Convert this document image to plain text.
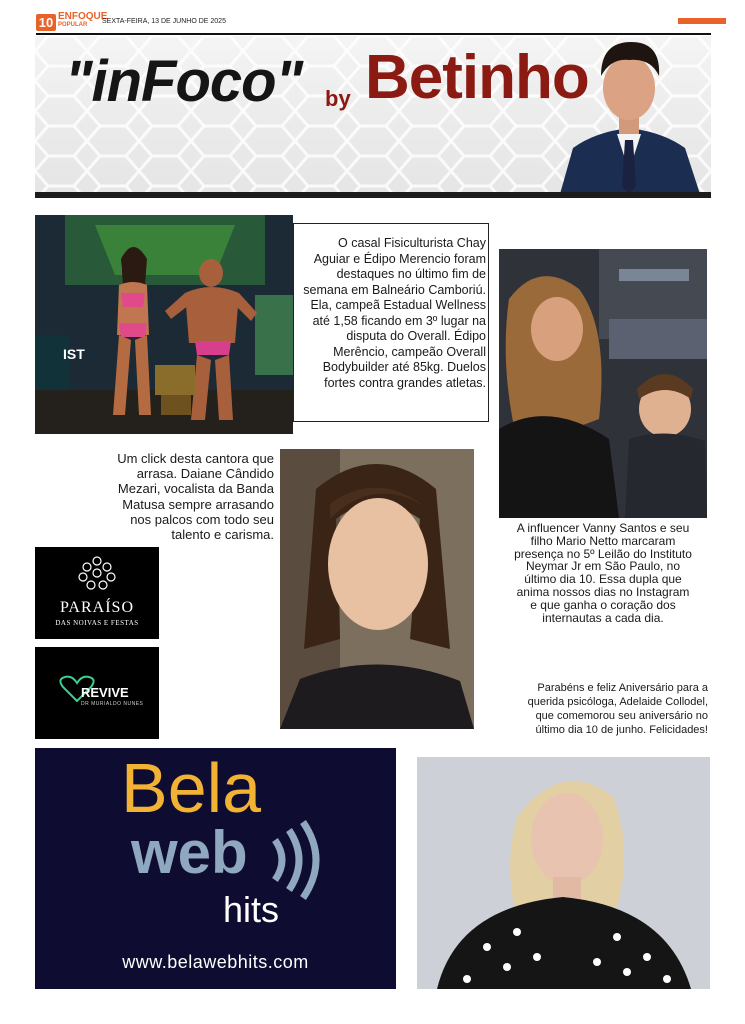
10 ENFOQUE
POPULAR SEXTA-FEIRA, 13 DE JUNHO DE 2025
"inFoco" by Betinho
IST
O casal Fisiculturista Chay Aguiar e Édipo Merencio foram destaques no último fim de semana em Balneário Camboriú. Ela, campeã Estadual Wellness até 1,58 ficando em 3º lugar na disputa do Overall. Édipo Merêncio, campeão Overall Bodybuilder até 85kg. Duelos fortes contra grandes atletas.
Um click desta cantora que arrasa. Daiane Cândido Mezari, vocalista da Banda Matusa sempre arrasando nos palcos com todo seu talento e carisma.	A influencer Vanny Santos e seu filho Mario Netto marcaram presença no 5º Leilão do Instituto Neymar Jr em São Paulo, no último dia 10. Essa dupla que anima nossos dias no Instagram e que ganha o coração dos internautas a cada dia.
Parabéns e feliz Aniversário para a querida psicóloga, Adelaide Collodel, que comemorou seu aniversário no último dia 10 de junho. Felicidades!
PARAÍSO
DAS NOIVAS E FESTAS
REVIVE
DR MURIALDO NUNES
Bela
web
hits
www.belawebhits.com
